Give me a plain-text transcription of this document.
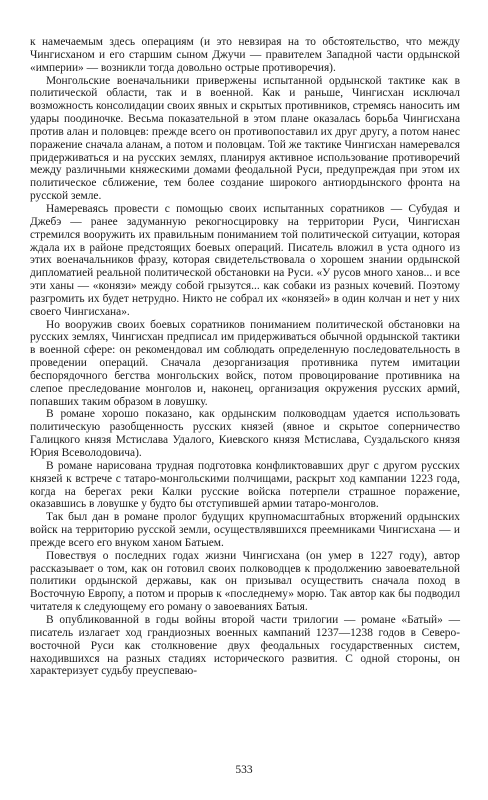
к намечаемым здесь операциям (и это невзирая на то обстоятельство, что между Чингисханом и его старшим сыном Джучи — правителем Западной части ордынской «империи» — возникли тогда довольно острые противоречия).

Монгольские военачальники привержены испытанной ордынской тактике как в политической области, так и в военной. Как и раньше, Чингисхан исключал возможность консолидации своих явных и скрытых противников, стремясь наносить им удары поодиночке. Весьма показательной в этом плане оказалась борьба Чингисхана против алан и половцев: прежде всего он противопоставил их друг другу, а потом нанес поражение сначала аланам, а потом и половцам. Той же тактике Чингисхан намеревался придерживаться и на русских землях, планируя активное использование противоречий между различными княжескими домами феодальной Руси, предупреждая при этом их политическое сближение, тем более создание широкого антиордынского фронта на русской земле.

Намереваясь провести с помощью своих испытанных соратников — Субудая и Джебэ — ранее задуманную рекогносцировку на территории Руси, Чингисхан стремился вооружить их правильным пониманием той политической ситуации, которая ждала их в районе предстоящих боевых операций. Писатель вложил в уста одного из этих военачальников фразу, которая свидетельствовала о хорошем знании ордынской дипломатией реальной политической обстановки на Руси. «У русов много ханов... и все эти ханы — «конязи» между собой грызутся... как собаки из разных кочевий. Поэтому разгромить их будет нетрудно. Никто не собрал их «конязей» в один колчан и нет у них своего Чингисхана».

Но вооружив своих боевых соратников пониманием политической обстановки на русских землях, Чингисхан предписал им придерживаться обычной ордынской тактики в военной сфере: он рекомендовал им соблюдать определенную последовательность в проведении операций. Сначала дезорганизация противника путем имитации беспорядочного бегства монгольских войск, потом провоцирование противника на слепое преследование монголов и, наконец, организация окружения русских армий, попавших таким образом в ловушку.

В романе хорошо показано, как ордынским полководцам удается использовать политическую разобщенность русских князей (явное и скрытое соперничество Галицкого князя Мстислава Удалого, Киевского князя Мстислава, Суздальского князя Юрия Всеволодовича).

В романе нарисована трудная подготовка конфликтовавших друг с другом русских князей к встрече с татаро-монгольскими полчищами, раскрыт ход кампании 1223 года, когда на берегах реки Калки русские войска потерпели страшное поражение, оказавшись в ловушке у будто бы отступившей армии татаро-монголов.

Так был дан в романе пролог будущих крупномасштабных вторжений ордынских войск на территорию русской земли, осуществлявшихся преемниками Чингисхана — и прежде всего его внуком ханом Батыем.

Повествуя о последних годах жизни Чингисхана (он умер в 1227 году), автор рассказывает о том, как он готовил своих полководцев к продолжению завоевательной политики ордынской державы, как он призывал осуществить сначала поход в Восточную Европу, а потом и прорыв к «последнему» морю. Так автор как бы подводил читателя к следующему его роману о завоеваниях Батыя.

В опубликованной в годы войны второй части трилогии — романе «Батый» — писатель излагает ход грандиозных военных кампаний 1237—1238 годов в Северо-восточной Руси как столкновение двух феодальных государственных систем, находившихся на разных стадиях исторического развития. С одной стороны, он характеризует судьбу преуспеваю-

533
